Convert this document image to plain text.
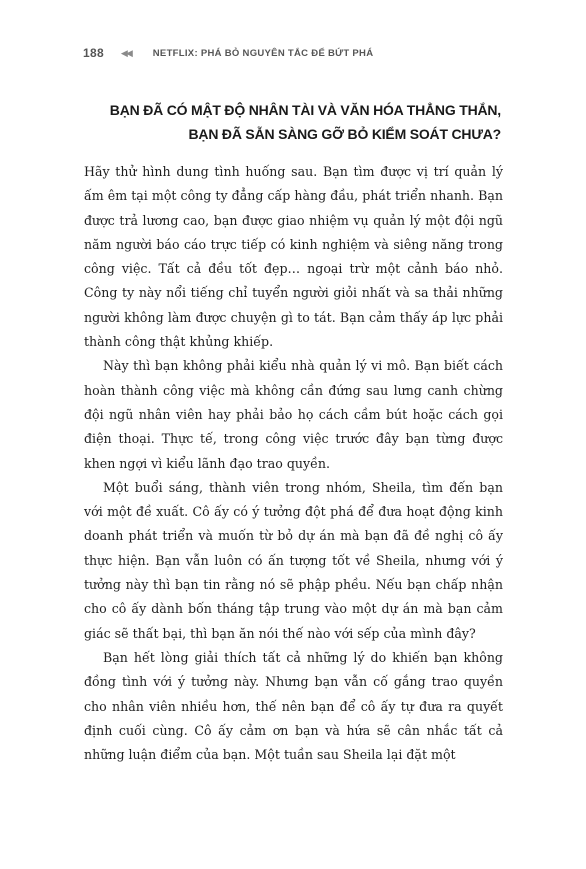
188 ◀◀ NETFLIX: PHÁ BỎ NGUYÊN TẮC ĐỂ BỨT PHÁ
BẠN ĐÃ CÓ MẬT ĐỘ NHÂN TÀI VÀ VĂN HÓA THẲNG THẮN,
BẠN ĐÃ SẴN SÀNG GỠ BỎ KIỂM SOÁT CHƯA?

Hãy thử hình dung tình huống sau. Bạn tìm được vị trí quản lý ấm êm tại một công ty đẳng cấp hàng đầu, phát triển nhanh. Bạn được trả lương cao, bạn được giao nhiệm vụ quản lý một đội ngũ năm người báo cáo trực tiếp có kinh nghiệm và siêng năng trong công việc. Tất cả đều tốt đẹp… ngoại trừ một cảnh báo nhỏ. Công ty này nổi tiếng chỉ tuyển người giỏi nhất và sa thải những người không làm được chuyện gì to tát. Bạn cảm thấy áp lực phải thành công thật khủng khiếp.

Này thì bạn không phải kiểu nhà quản lý vi mô. Bạn biết cách hoàn thành công việc mà không cần đứng sau lưng canh chừng đội ngũ nhân viên hay phải bảo họ cách cầm bút hoặc cách gọi điện thoại. Thực tế, trong công việc trước đây bạn từng được khen ngợi vì kiểu lãnh đạo trao quyền.

Một buổi sáng, thành viên trong nhóm, Sheila, tìm đến bạn với một đề xuất. Cô ấy có ý tưởng đột phá để đưa hoạt động kinh doanh phát triển và muốn từ bỏ dự án mà bạn đã đề nghị cô ấy thực hiện. Bạn vẫn luôn có ấn tượng tốt về Sheila, nhưng với ý tưởng này thì bạn tin rằng nó sẽ phập phều. Nếu bạn chấp nhận cho cô ấy dành bốn tháng tập trung vào một dự án mà bạn cảm giác sẽ thất bại, thì bạn ăn nói thế nào với sếp của mình đây?

Bạn hết lòng giải thích tất cả những lý do khiến bạn không đồng tình với ý tưởng này. Nhưng bạn vẫn cố gắng trao quyền cho nhân viên nhiều hơn, thế nên bạn để cô ấy tự đưa ra quyết định cuối cùng. Cô ấy cảm ơn bạn và hứa sẽ cân nhắc tất cả những luận điểm của bạn. Một tuần sau Sheila lại đặt một
